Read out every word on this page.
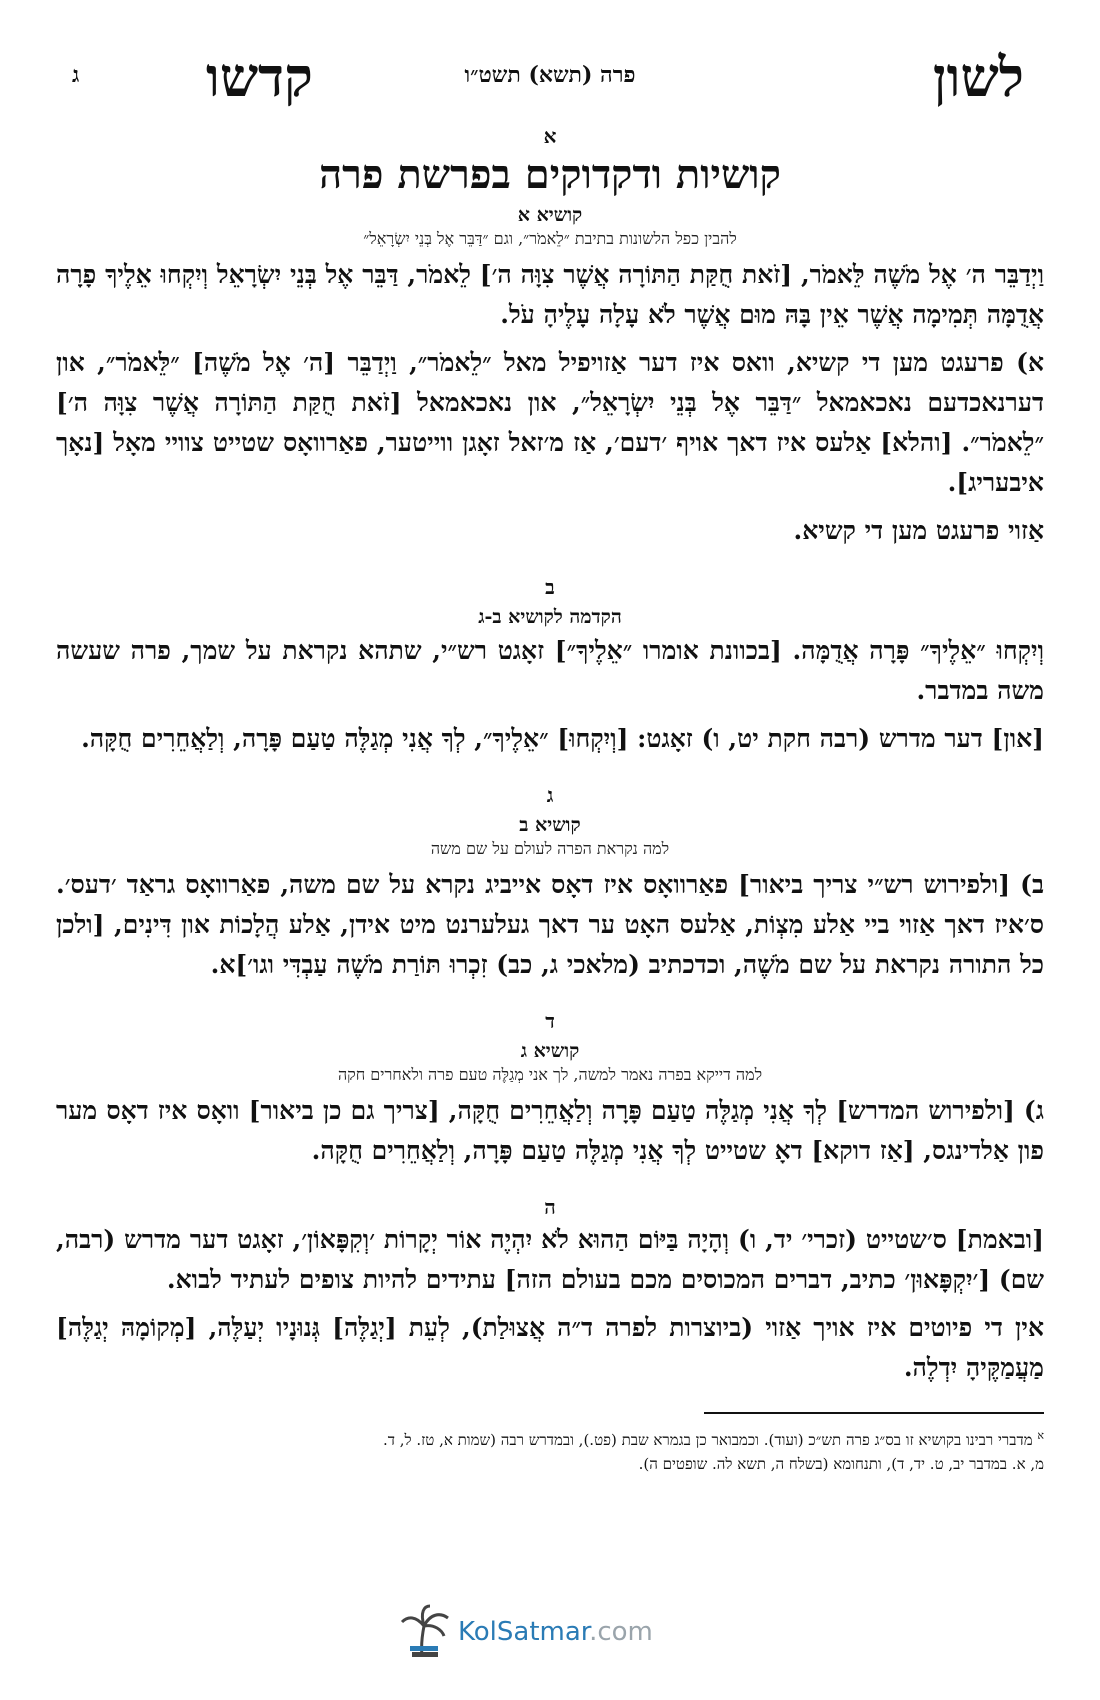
לשון
פרה (תשא) תשט״ו
קדשו
ג
א
קושיות ודקדוקים בפרשת פרה
קושיא א
להבין כפל הלשונות בתיבת ״לֵאמֹר״, וגם ״דַּבֵּר אֶל בְּנֵי יִשְׂרָאֵל״

וַיְדַבֵּר ה׳ אֶל מֹשֶׁה לֵּאמֹר, [זֹאת חֻקַּת הַתּוֹרָה אֲשֶׁר צִוָּה ה׳] לֵאמֹר, דַּבֵּר אֶל בְּנֵי יִשְׂרָאֵל וְיִקְחוּ אֵלֶיךָ פָרָה אֲדֻמָּה תְּמִימָה אֲשֶׁר אֵין בָּהּ מוּם אֲשֶׁר לֹא עָלָה עָלֶיהָ עֹל.

א) פרעגט מען די קשיא, וואס איז דער אַזויפיל מאל ״לֵאמֹר״, וַיְדַבֵּר [ה׳ אֶל מֹשֶׁה] ״לֵּאמֹר״, און דערנאכדעם נאכאמאל ״דַּבֵּר אֶל בְּנֵי יִשְׂרָאֵל״, און נאכאמאל [זֹאת חֻקַּת הַתּוֹרָה אֲשֶׁר צִוָּה ה׳] ״לֵאמֹר״. [והלא] אַלעס איז דאך אויף ׳דעם׳, אַז מ׳זאל זאָגן ווייטער, פאַרוואָס שטייט צוויי מאָל [נאָך איבעריג].

אַזוי פרעגט מען די קשיא.

ב
הקדמה לקושיא ב-ג

וְיִקְחוּ ״אֵלֶיךָ״ פָּרָה אֲדֻמָּה. [בכוונת אומרו ״אֵלֶיךָ״] זאָגט רש״י, שתהא נקראת על שמך, פרה שעשה משה במדבר.

[און] דער מדרש (רבה חקת יט, ו) זאָגט: [וְיִקְחוּ] ״אֵלֶיךָ״, לְךָ אֲנִי מְגַלֶּה טַעַם פָּרָה, וְלַאֲחֵרִים חֻקָּה.

ג
קושיא ב
למה נקראת הפרה לעולם על שם משה

ב) [ולפירוש רש״י צריך ביאור] פאַרוואָס איז דאָס אייביג נקרא על שם משה, פאַרוואָס גראַד ׳דעס׳. ס׳איז דאך אַזוי ביי אַלע מִצְוֹת, אַלעס האָט ער דאך געלערנט מיט אידן, אַלע הֲלָכוֹת און דִּינִים, [ולכן כל התורה נקראת על שם מֹשֶׁה, וכדכתיב (מלאכי ג, כב) זִכְרוּ תּוֹרַת מֹשֶׁה עַבְדִּי וגו׳]א.

ד
קושיא ג
למה דייקא בפרה נאמר למשה, לך אני מְגַלֶּה טעם פרה ולאחרים חקה

ג) [ולפירוש המדרש] לְךָ אֲנִי מְגַלֶּה טַעַם פָּרָה וְלַאֲחֵרִים חֻקָּה, [צריך גם כן ביאור] וואָס איז דאָס מער פון אַלדינגס, [אַז דוקא] דאָ שטייט לְךָ אֲנִי מְגַלֶּה טַעַם פָּרָה, וְלַאֲחֵרִים חֻקָּה.

ה

[ובאמת] ס׳שטייט (זכרי׳ יד, ו) וְהָיָה בַּיּוֹם הַהוּא לֹא יִהְיֶה אוֹר יְקָרוֹת ׳וְקִפָּאוֹן׳, זאָגט דער מדרש (רבה, שם) [׳יִקְפָּאוּן׳ כתיב, דברים המכוסים מכם בעולם הזה] עתידים להיות צופים לעתיד לבוא.

אין די פיוטים איז אויך אַזוי (ביוצרות לפרה ד״ה אֲצוּלַת), לְעֵת [יְגַלֶּה] גְּנוּנָיו יְעַלֶּה, [מְקוֹמָהּ יְגַלֶּה] מַעֲמַקֶּיהָ יִדְלֶה.

$^א$ מדברי רבינו בקושיא זו בס״ג פרה תש״כ (ועוד). וכמבואר כן בגמרא שבת (פט.), ובמדרש רבה (שמות א, טז. ל, ד.

מ, א. במדבר יב, ט. יד, ד), ותנחומא (בשלח ה, תשא לה. שופטים ה).

KolSatmar.com
